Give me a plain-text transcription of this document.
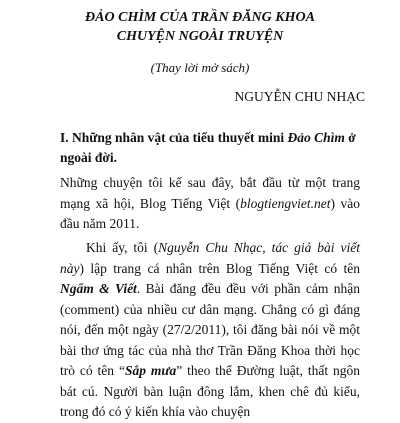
ĐẢO CHÌM CỦA TRẦN ĐĂNG KHOA

CHUYỆN NGOÀI TRUYỆN

(Thay lời mở sách)

NGUYỄN CHU NHẠC

I. Những nhân vật của tiểu thuyết mini Đảo Chìm ở ngoài đời.

Những chuyện tôi kể sau đây, bắt đầu từ một trang mạng xã hội, Blog Tiếng Việt (blogtiengviet.net) vào đầu năm 2011.

Khi ấy, tôi (Nguyễn Chu Nhạc, tác giả bài viết này) lập trang cá nhân trên Blog Tiếng Việt có tên Ngẩm & Viết. Bài đăng đều đều với phần cảm nhận (comment) của nhiều cư dân mạng. Chẳng có gì đáng nói, đến một ngày (27/2/2011), tôi đăng bài nói về một bài thơ ứng tác của nhà thơ Trần Đăng Khoa thời học trò có tên “Sắp mưa” theo thể Đường luật, thất ngôn bát cú. Người bàn luận đông lắm, khen chê đủ kiểu, trong đó có ý kiến khía vào chuyện
